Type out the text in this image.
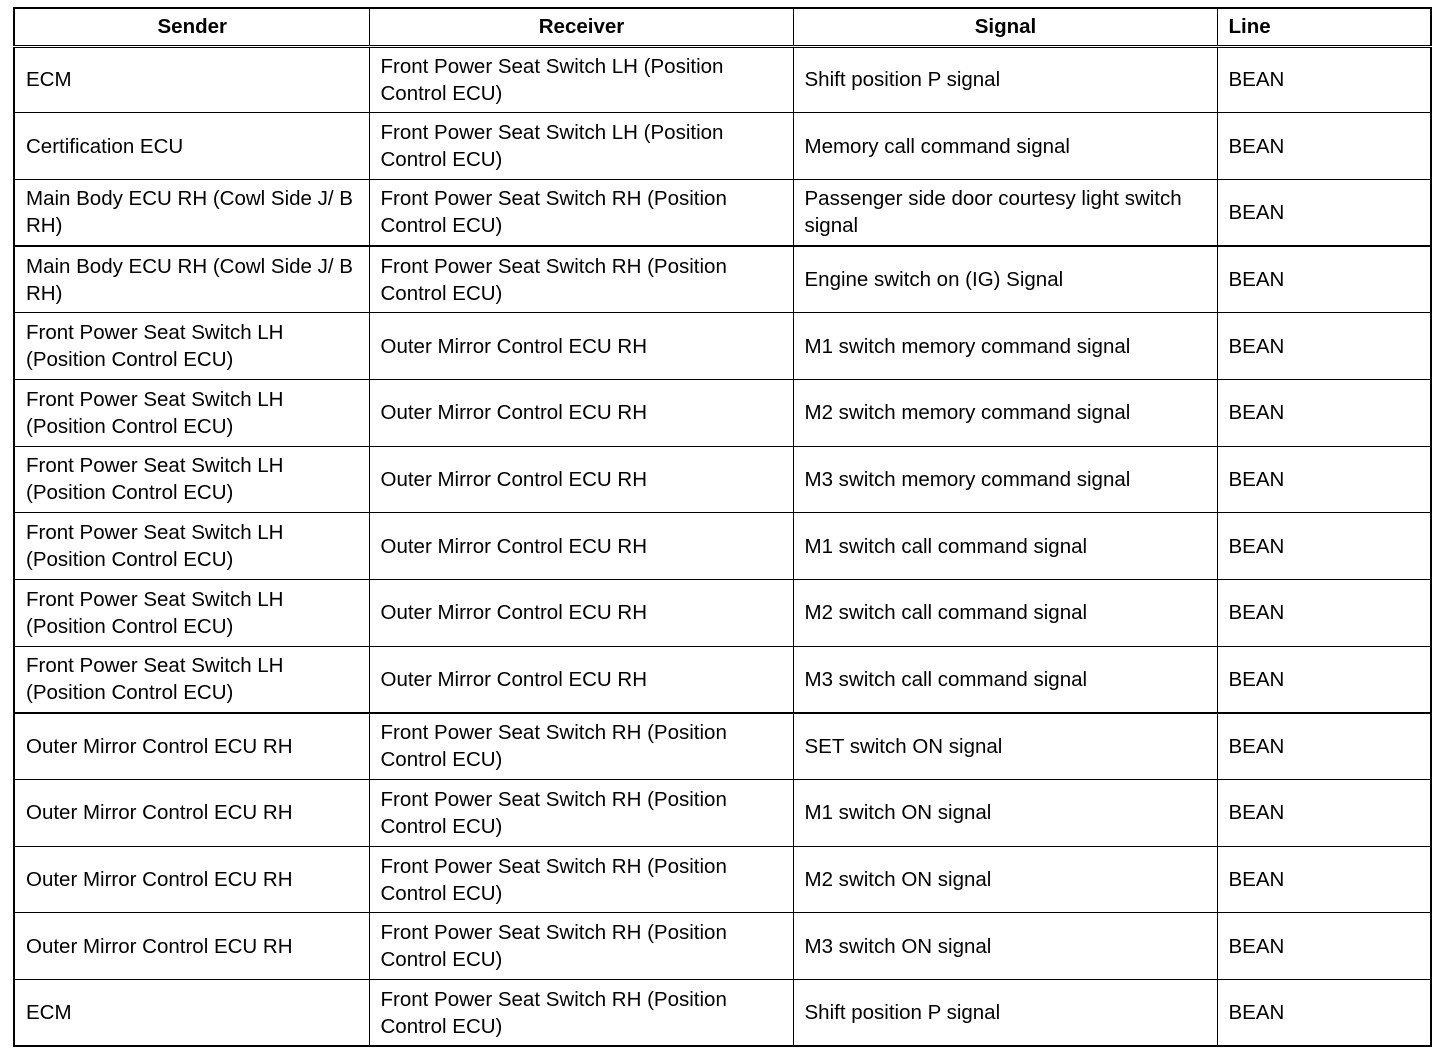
Sender	Receiver	Signal	Line
ECM	Front Power Seat Switch LH (Position Control ECU)	Shift position P signal	BEAN
Certification ECU	Front Power Seat Switch LH (Position Control ECU)	Memory call command signal	BEAN
Main Body ECU RH (Cowl Side J/ B RH)	Front Power Seat Switch RH (Position Control ECU)	Passenger side door courtesy light switch signal	BEAN
Main Body ECU RH (Cowl Side J/ B RH)	Front Power Seat Switch RH (Position Control ECU)	Engine switch on (IG) Signal	BEAN
Front Power Seat Switch LH (Position Control ECU)	Outer Mirror Control ECU RH	M1 switch memory command signal	BEAN
Front Power Seat Switch LH (Position Control ECU)	Outer Mirror Control ECU RH	M2 switch memory command signal	BEAN
Front Power Seat Switch LH (Position Control ECU)	Outer Mirror Control ECU RH	M3 switch memory command signal	BEAN
Front Power Seat Switch LH (Position Control ECU)	Outer Mirror Control ECU RH	M1 switch call command signal	BEAN
Front Power Seat Switch LH (Position Control ECU)	Outer Mirror Control ECU RH	M2 switch call command signal	BEAN
Front Power Seat Switch LH (Position Control ECU)	Outer Mirror Control ECU RH	M3 switch call command signal	BEAN
Outer Mirror Control ECU RH	Front Power Seat Switch RH (Position Control ECU)	SET switch ON signal	BEAN
Outer Mirror Control ECU RH	Front Power Seat Switch RH (Position Control ECU)	M1 switch ON signal	BEAN
Outer Mirror Control ECU RH	Front Power Seat Switch RH (Position Control ECU)	M2 switch ON signal	BEAN
Outer Mirror Control ECU RH	Front Power Seat Switch RH (Position Control ECU)	M3 switch ON signal	BEAN
ECM	Front Power Seat Switch RH (Position Control ECU)	Shift position P signal	BEAN
